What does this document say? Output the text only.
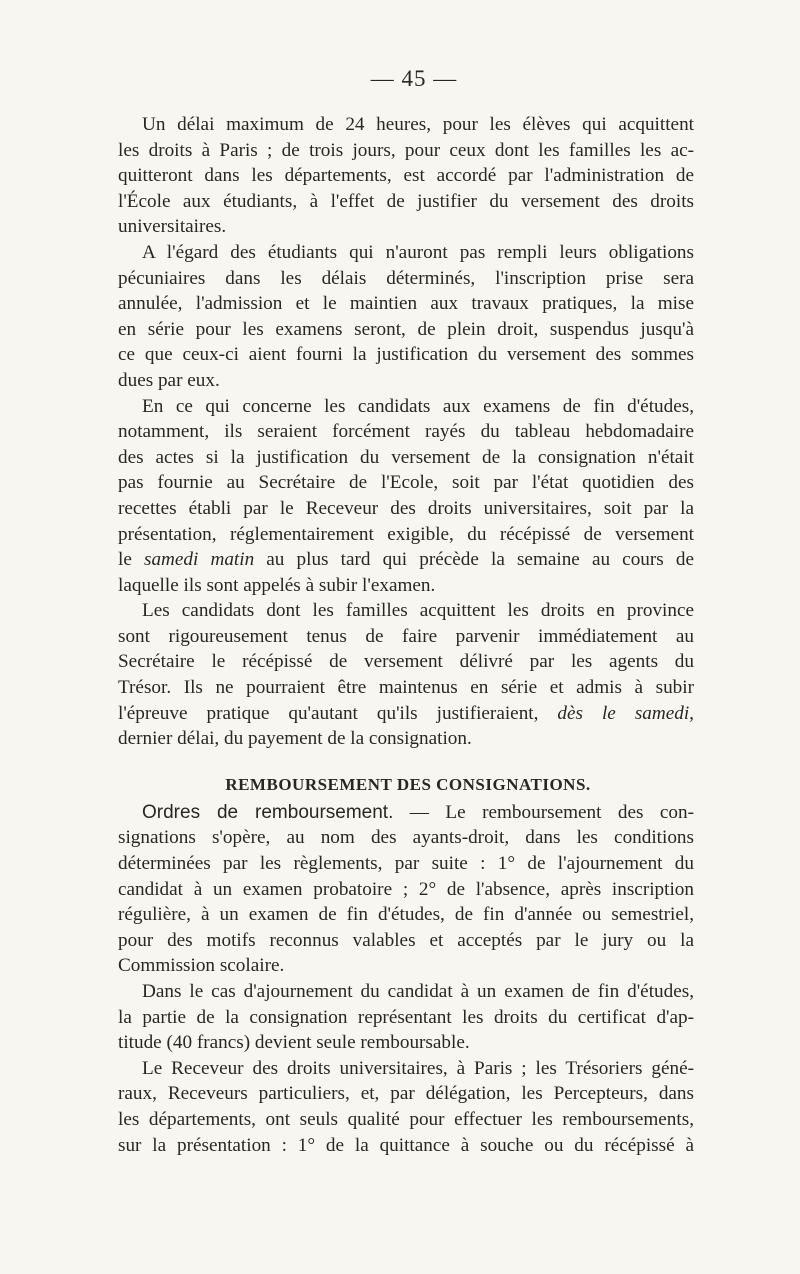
— 45 —
Un délai maximum de 24 heures, pour les élèves qui acquittent
les droits à Paris ; de trois jours, pour ceux dont les familles les ac-
quitteront dans les départements, est accordé par l'administration de
l'École aux étudiants, à l'effet de justifier du versement des droits
universitaires.
A l'égard des étudiants qui n'auront pas rempli leurs obligations
pécuniaires dans les délais déterminés, l'inscription prise sera
annulée, l'admission et le maintien aux travaux pratiques, la mise
en série pour les examens seront, de plein droit, suspendus jusqu'à
ce que ceux-ci aient fourni la justification du versement des sommes
dues par eux.
En ce qui concerne les candidats aux examens de fin d'études,
notamment, ils seraient forcément rayés du tableau hebdomadaire
des actes si la justification du versement de la consignation n'était
pas fournie au Secrétaire de l'Ecole, soit par l'état quotidien des
recettes établi par le Receveur des droits universitaires, soit par la
présentation, réglementairement exigible, du récépissé de versement
le samedi matin au plus tard qui précède la semaine au cours de
laquelle ils sont appelés à subir l'examen.
Les candidats dont les familles acquittent les droits en province
sont rigoureusement tenus de faire parvenir immédiatement au
Secrétaire le récépissé de versement délivré par les agents du
Trésor. Ils ne pourraient être maintenus en série et admis à subir
l'épreuve pratique qu'autant qu'ils justifieraient, dès le samedi,
dernier délai, du payement de la consignation.
REMBOURSEMENT DES CONSIGNATIONS.
Ordres de remboursement. — Le remboursement des con-
signations s'opère, au nom des ayants-droit, dans les conditions
déterminées par les règlements, par suite : 1° de l'ajournement du
candidat à un examen probatoire ; 2° de l'absence, après inscription
régulière, à un examen de fin d'études, de fin d'année ou semestriel,
pour des motifs reconnus valables et acceptés par le jury ou la
Commission scolaire.
Dans le cas d'ajournement du candidat à un examen de fin d'études,
la partie de la consignation représentant les droits du certificat d'ap-
titude (40 francs) devient seule remboursable.
Le Receveur des droits universitaires, à Paris ; les Trésoriers géné-
raux, Receveurs particuliers, et, par délégation, les Percepteurs, dans
les départements, ont seuls qualité pour effectuer les remboursements,
sur la présentation : 1° de la quittance à souche ou du récépissé à
